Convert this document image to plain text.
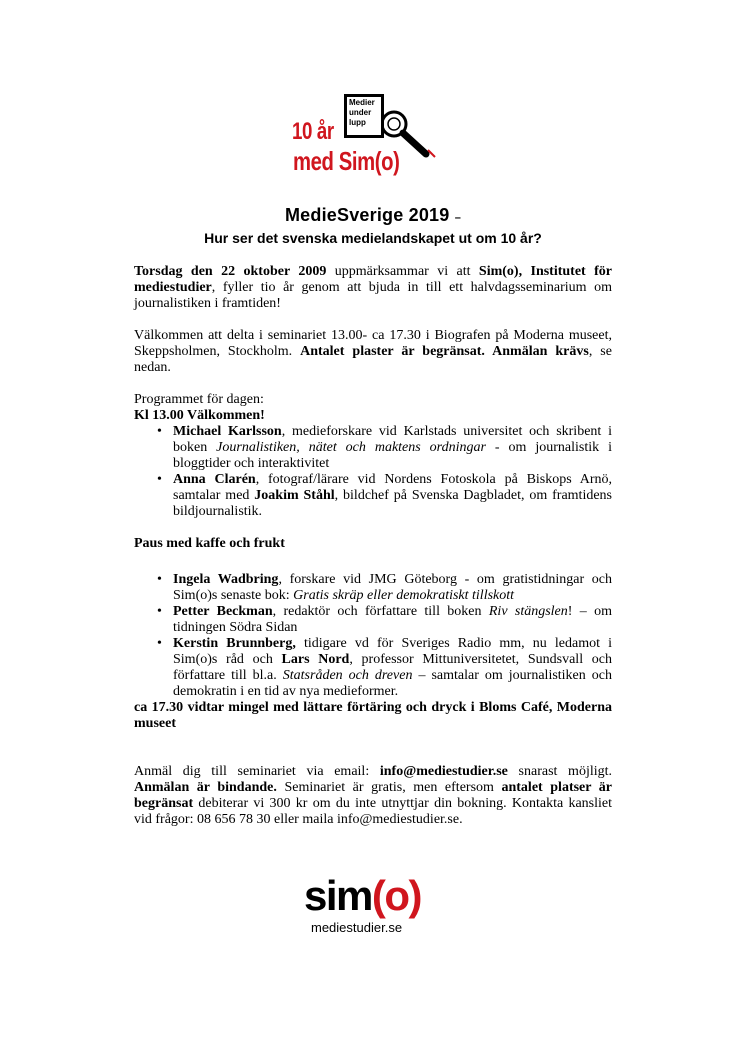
Medier
under
lupp
10 år
med Sim(o)
MedieSverige 2019 –
Hur ser det svenska medielandskapet ut om 10 år?

Torsdag den 22 oktober 2009 uppmärksammar vi att Sim(o), Institutet för mediestudier, fyller tio år genom att bjuda in till ett halvdagsseminarium om journalistiken i framtiden!

Välkommen att delta i seminariet 13.00- ca 17.30 i Biografen på Moderna museet, Skeppsholmen, Stockholm. Antalet plaster är begränsat. Anmälan krävs, se nedan.

Programmet för dagen:

Kl 13.00 Välkommen!

• Michael Karlsson, medieforskare vid Karlstads universitet och skribent i boken Journalistiken, nätet och maktens ordningar - om journalistik i bloggtider och interaktivitet
• Anna Clarén, fotograf/lärare vid Nordens Fotoskola på Biskops Arnö, samtalar med Joakim Ståhl, bildchef på Svenska Dagbladet, om framtidens bildjournalistik.

Paus med kaffe och frukt

• Ingela Wadbring, forskare vid JMG Göteborg - om gratistidningar och Sim(o)s senaste bok: Gratis skräp eller demokratiskt tillskott
• Petter Beckman, redaktör och författare till boken Riv stängslen! – om tidningen Södra Sidan
• Kerstin Brunnberg, tidigare vd för Sveriges Radio mm, nu ledamot i Sim(o)s råd och Lars Nord, professor Mittuniversitetet, Sundsvall och författare till bl.a. Statsråden och dreven – samtalar om journalistiken och demokratin i en tid av nya medieformer.

ca 17.30 vidtar mingel med lättare förtäring och dryck i Bloms Café, Moderna museet

Anmäl dig till seminariet via email: info@mediestudier.se snarast möjligt. Anmälan är bindande. Seminariet är gratis, men eftersom antalet platser är begränsat debiterar vi 300 kr om du inte utnyttjar din bokning. Kontakta kansliet vid frågor: 08 656 78 30 eller maila info@mediestudier.se.

sim(o)
mediestudier.se
